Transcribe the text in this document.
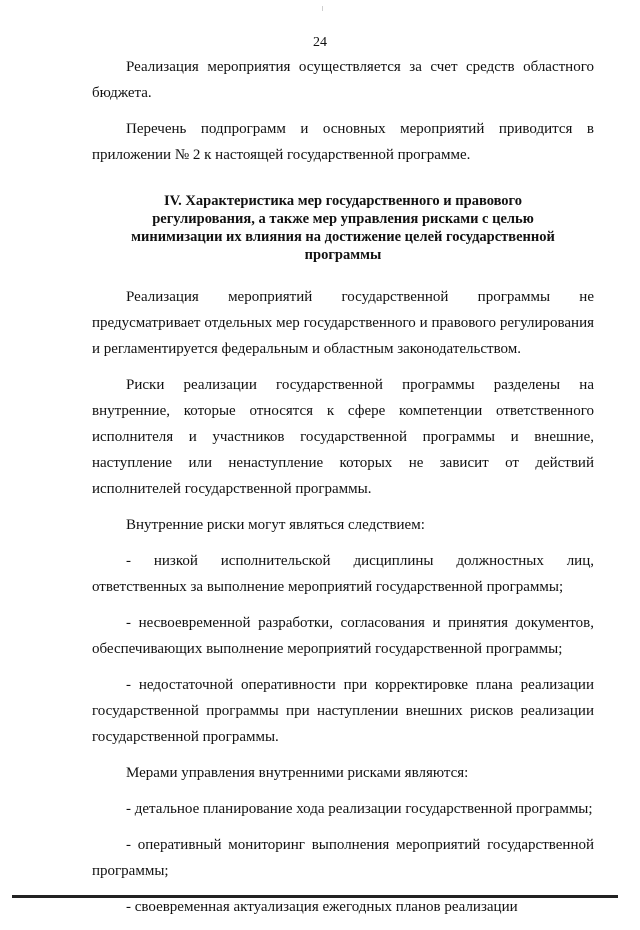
24

Реализация мероприятия осуществляется за счет средств областного бюджета.

Перечень подпрограмм и основных мероприятий приводится в приложении № 2 к настоящей государственной программе.

IV. Характеристика мер государственного и правового регулирования, а также мер управления рисками с целью минимизации их влияния на достижение целей государственной программы

Реализация мероприятий государственной программы не предусматривает отдельных мер государственного и правового регулирования и регламентируется федеральным и областным законодательством.

Риски реализации государственной программы разделены на внутренние, которые относятся к сфере компетенции ответственного исполнителя и участников государственной программы и внешние, наступление или ненаступление которых не зависит от действий исполнителей государственной программы.

Внутренние риски могут являться следствием:

- низкой исполнительской дисциплины должностных лиц, ответственных за выполнение мероприятий государственной программы;

- несвоевременной разработки, согласования и принятия документов, обеспечивающих выполнение мероприятий государственной программы;

- недостаточной оперативности при корректировке плана реализации государственной программы при наступлении внешних рисков реализации государственной программы.

Мерами управления внутренними рисками являются:

- детальное планирование хода реализации государственной программы;

- оперативный мониторинг выполнения мероприятий государственной программы;

- своевременная актуализация ежегодных планов реализации
